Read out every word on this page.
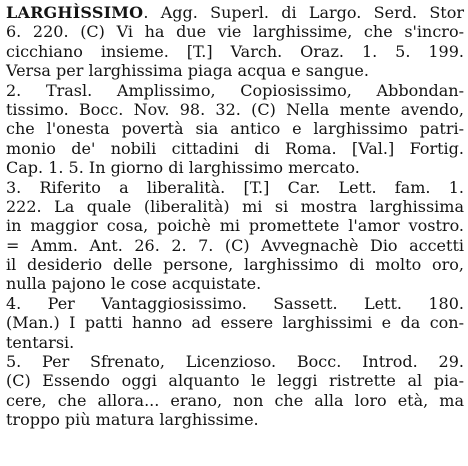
LARGHÌSSIMO. Agg. Superl. di Largo. Serd. Stor
6. 220. (C) Vi ha due vie larghissime, che s'incro-
cicchiano insieme. [T.] Varch. Oraz. 1. 5. 199.
Versa per larghissima piaga acqua e sangue.
2. Trasl. Amplissimo, Copiosissimo, Abbondan-
tissimo. Bocc. Nov. 98. 32. (C) Nella mente avendo,
che l'onesta povertà sia antico e larghissimo patri-
monio de' nobili cittadini di Roma. [Val.] Fortig.
Cap. 1. 5. In giorno di larghissimo mercato.
3. Riferito a liberalità. [T.] Car. Lett. fam. 1.
222. La quale (liberalità) mi si mostra larghissima
in maggior cosa, poichè mi promettete l'amor vostro.
= Amm. Ant. 26. 2. 7. (C) Avvegnachè Dio accetti
il desiderio delle persone, larghissimo di molto oro,
nulla pajono le cose acquistate.
4. Per Vantaggiosissimo. Sassett. Lett. 180.
(Man.) I patti hanno ad essere larghissimi e da con-
tentarsi.
5. Per Sfrenato, Licenzioso. Bocc. Introd. 29.
(C) Essendo oggi alquanto le leggi ristrette al pia-
cere, che allora... erano, non che alla loro età, ma
troppo più matura larghissime.
